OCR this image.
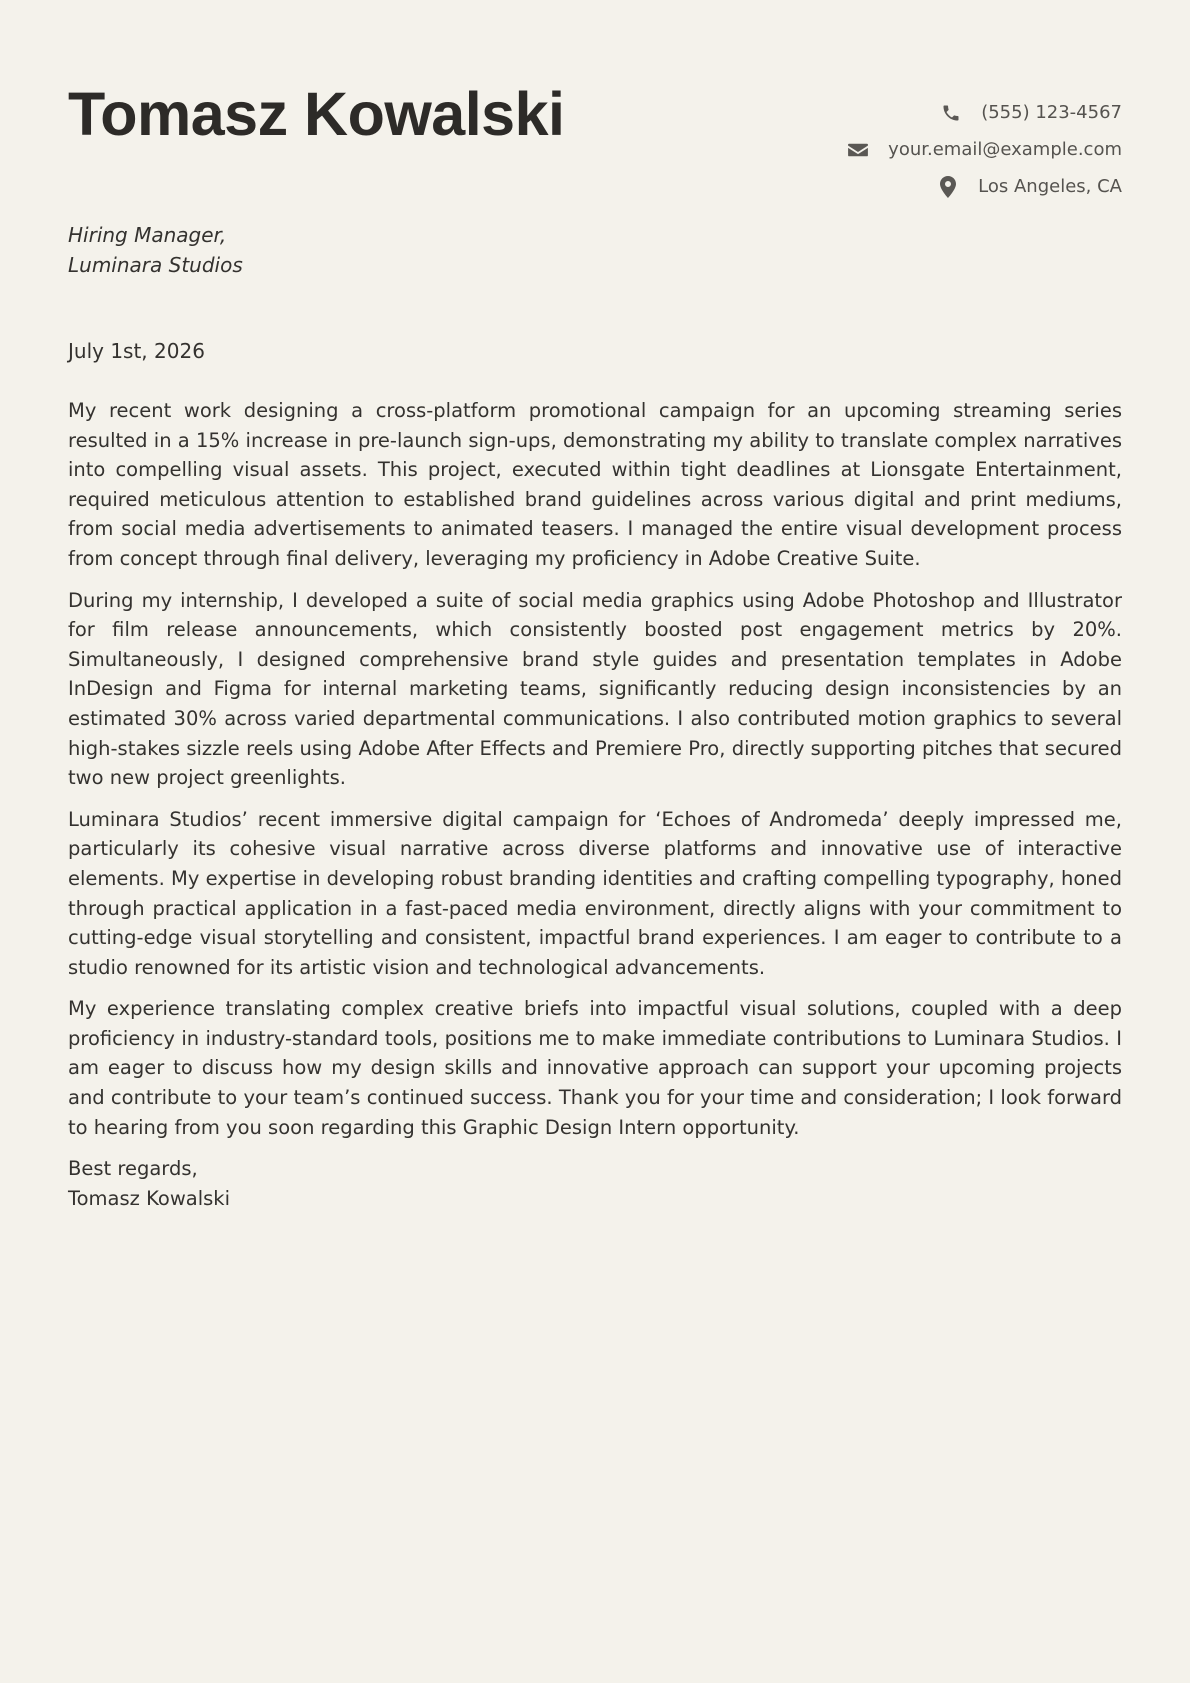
Tomasz Kowalski	(555) 123-4567
your.email@example.com
Los Angeles, CA
Hiring Manager,
Luminara Studios
July 1st, 2026

My recent work designing a cross-platform promotional campaign for an upcoming streaming series resulted in a 15% increase in pre-launch sign-ups, demonstrating my ability to translate complex narratives into compelling visual assets. This project, executed within tight deadlines at Lionsgate Entertainment, required meticulous attention to established brand guidelines across various digital and print mediums, from social media advertisements to animated teasers. I managed the entire visual development process from concept through final delivery, leveraging my proficiency in Adobe Creative Suite.

During my internship, I developed a suite of social media graphics using Adobe Photoshop and Illustrator for film release announcements, which consistently boosted post engagement metrics by 20%. Simultaneously, I designed comprehensive brand style guides and presentation templates in Adobe InDesign and Figma for internal marketing teams, significantly reducing design inconsistencies by an estimated 30% across varied departmental communications. I also contributed motion graphics to several high-stakes sizzle reels using Adobe After Effects and Premiere Pro, directly supporting pitches that secured two new project greenlights.

Luminara Studios’ recent immersive digital campaign for ‘Echoes of Andromeda’ deeply impressed me, particularly its cohesive visual narrative across diverse platforms and innovative use of interactive elements. My expertise in developing robust branding identities and crafting compelling typography, honed through practical application in a fast-paced media environment, directly aligns with your commitment to cutting-edge visual storytelling and consistent, impactful brand experiences. I am eager to contribute to a studio renowned for its artistic vision and technological advancements.

My experience translating complex creative briefs into impactful visual solutions, coupled with a deep proficiency in industry-standard tools, positions me to make immediate contributions to Luminara Studios. I am eager to discuss how my design skills and innovative approach can support your upcoming projects and contribute to your team’s continued success. Thank you for your time and consideration; I look forward to hearing from you soon regarding this Graphic Design Intern opportunity.

Best regards,
Tomasz Kowalski
